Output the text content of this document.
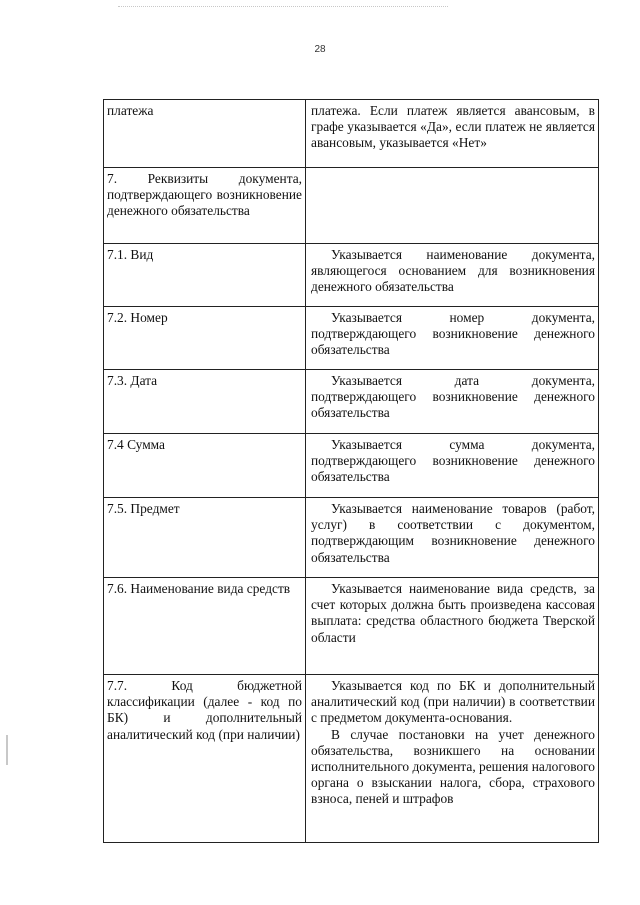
28
платежа	платежа. Если платеж является авансовым, в графе указывается «Да», если платеж не является авансовым, указывается «Нет»

7. Реквизиты документа, подтверждающего возникновение денежного обязательства	

7.1. Вид	Указывается наименование документа, являющегося основанием для возникновения денежного обязательства

7.2. Номер	Указывается номер документа, подтверждающего возникновение денежного обязательства

7.3. Дата	Указывается дата документа, подтверждающего возникновение денежного обязательства

7.4 Сумма	Указывается сумма документа, подтверждающего возникновение денежного обязательства

7.5. Предмет	Указывается наименование товаров (работ, услуг) в соответствии с документом, подтверждающим возникновение денежного обязательства

7.6. Наименование вида средств	Указывается наименование вида средств, за счет которых должна быть произведена кассовая выплата: средства областного бюджета Тверской области

7.7. Код бюджетной классификации (далее - код по БК) и дополнительный аналитический код (при наличии)	Указывается код по БК и дополнительный аналитический код (при наличии) в соответствии с предметом документа-основания.
В случае постановки на учет денежного обязательства, возникшего на основании исполнительного документа, решения налогового органа о взыскании налога, сбора, страхового взноса, пеней и штрафов
